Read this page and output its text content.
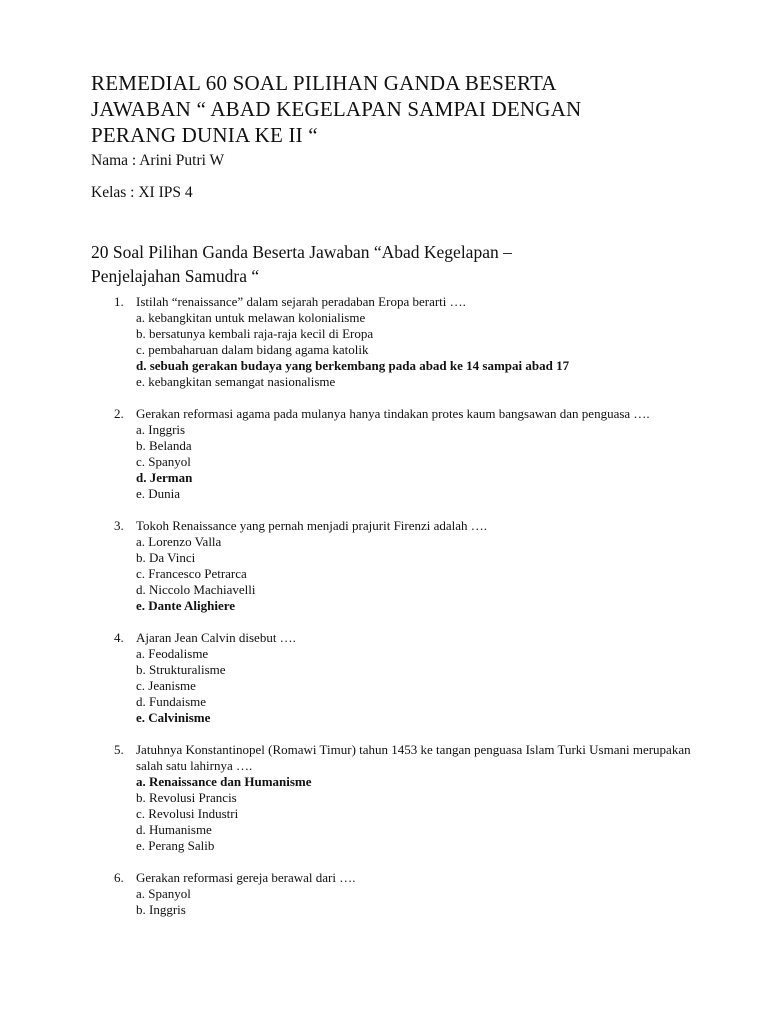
REMEDIAL 60 SOAL PILIHAN GANDA BESERTA
JAWABAN “ ABAD KEGELAPAN SAMPAI DENGAN
PERANG DUNIA KE II “

Nama : Arini Putri W

Kelas : XI IPS 4

20 Soal Pilihan Ganda Beserta Jawaban “Abad Kegelapan –
Penjelajahan Samudra “
1. Istilah “renaissance” dalam sejarah peradaban Eropa berarti ….
a. kebangkitan untuk melawan kolonialisme
b. bersatunya kembali raja-raja kecil di Eropa
c. pembaharuan dalam bidang agama katolik
d. sebuah gerakan budaya yang berkembang pada abad ke 14 sampai abad 17
e. kebangkitan semangat nasionalisme
2. Gerakan reformasi agama pada mulanya hanya tindakan protes kaum bangsawan dan penguasa ….
a. Inggris
b. Belanda
c. Spanyol
d. Jerman
e. Dunia
3. Tokoh Renaissance yang pernah menjadi prajurit Firenzi adalah ….
a. Lorenzo Valla
b. Da Vinci
c. Francesco Petrarca
d. Niccolo Machiavelli
e. Dante Alighiere
4. Ajaran Jean Calvin disebut ….
a. Feodalisme
b. Strukturalisme
c. Jeanisme
d. Fundaisme
e. Calvinisme
5. Jatuhnya Konstantinopel (Romawi Timur) tahun 1453 ke tangan penguasa Islam Turki Usmani merupakan salah satu lahirnya ….
a. Renaissance dan Humanisme
b. Revolusi Prancis
c. Revolusi Industri
d. Humanisme
e. Perang Salib
6. Gerakan reformasi gereja berawal dari ….
a. Spanyol
b. Inggris
